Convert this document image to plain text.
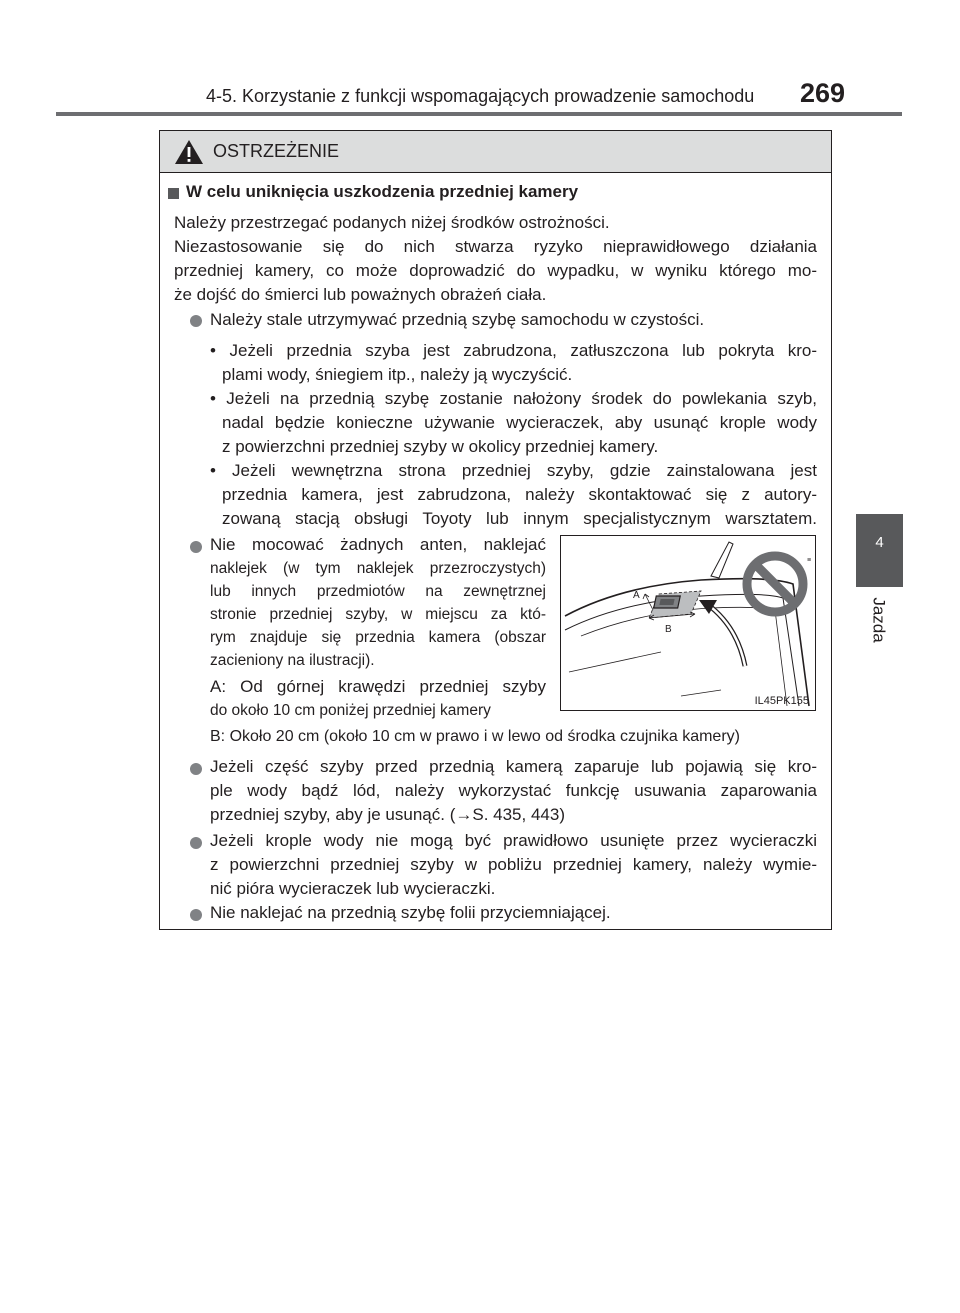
4-5. Korzystanie z funkcji wspomagających prowadzenie samochodu 269
4
Jazda
OSTRZEŻENIE
W celu uniknięcia uszkodzenia przedniej kamery
Należy przestrzegać podanych niżej środków ostrożności.
Niezastosowanie się do nich stwarza ryzyko nieprawidłowego działania
przedniej kamery, co może doprowadzić do wypadku, w wyniku którego mo-
że dojść do śmierci lub poważnych obrażeń ciała.
Należy stale utrzymywać przednią szybę samochodu w czystości.
• Jeżeli przednia szyba jest zabrudzona, zatłuszczona lub pokryta kro-
plami wody, śniegiem itp., należy ją wyczyścić.
• Jeżeli na przednią szybę zostanie nałożony środek do powlekania szyb,
nadal będzie konieczne używanie wycieraczek, aby usunąć krople wody
z powierzchni przedniej szyby w okolicy przedniej kamery.
• Jeżeli wewnętrzna strona przedniej szyby, gdzie zainstalowana jest
przednia kamera, jest zabrudzona, należy skontaktować się z autory-
zowaną stacją obsługi Toyoty lub innym specjalistycznym warsztatem.
Nie mocować żadnych anten, naklejać
naklejek (w tym naklejek przezroczystych)
lub innych przedmiotów na zewnętrznej
stronie przedniej szyby, w miejscu za któ-
rym znajduje się przednia kamera (obszar
zacieniony na ilustracji).
A: Od górnej krawędzi przedniej szyby
do około 10 cm poniżej przedniej kamery
A
B
≡
IL45PK155
B: Około 20 cm (około 10 cm w prawo i w lewo od środka czujnika kamery)
Jeżeli część szyby przed przednią kamerą zaparuje lub pojawią się kro-
ple wody bądź lód, należy wykorzystać funkcję usuwania zaparowania
przedniej szyby, aby je usunąć. (→S. 435, 443)
Jeżeli krople wody nie mogą być prawidłowo usunięte przez wycieraczki
z powierzchni przedniej szyby w pobliżu przedniej kamery, należy wymie-
nić pióra wycieraczek lub wycieraczki.
Nie naklejać na przednią szybę folii przyciemniającej.
